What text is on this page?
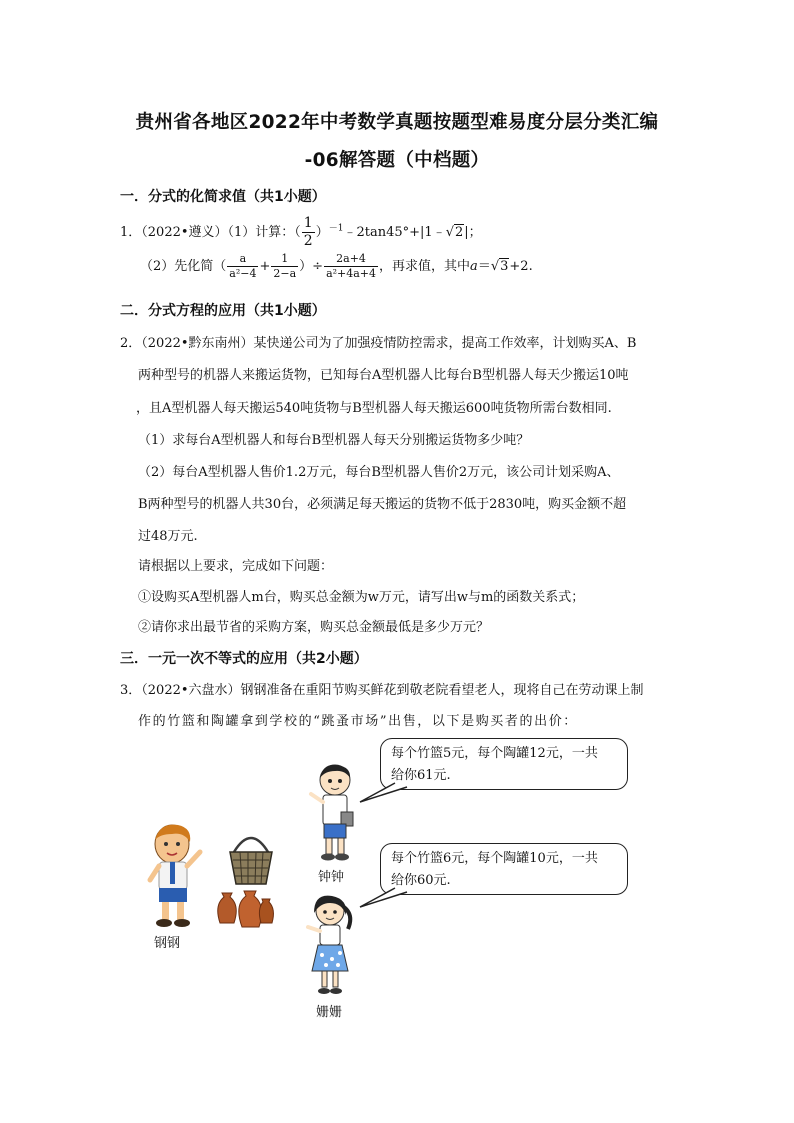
贵州省各地区2022年中考数学真题按题型难易度分层分类汇编
-06解答题（中档题）
一．分式的化简求值（共1小题）
1．（2022•遵义）（1）计算：（ $\frac{1}{2}$ ）$^{-1}$﹣2tan45°+|1﹣√2|；
（2）先化简（ $\frac{a}{\text{a²−4}} + \frac{1}{2-a}$ ）÷ $\frac{2a+4}{\text{a²+4a+4}}$ ，再求值，其中a＝√3+2.
二．分式方程的应用（共1小题）
2．（2022•黔东南州）某快递公司为了加强疫情防控需求，提高工作效率，计划购买A、B
两种型号的机器人来搬运货物，已知每台A型机器人比每台B型机器人每天少搬运10吨
，且A型机器人每天搬运540吨货物与B型机器人每天搬运600吨货物所需台数相同.
（1）求每台A型机器人和每台B型机器人每天分别搬运货物多少吨？
（2）每台A型机器人售价1.2万元，每台B型机器人售价2万元，该公司计划采购A、
B两种型号的机器人共30台，必须满足每天搬运的货物不低于2830吨，购买金额不超
过48万元.
请根据以上要求，完成如下问题：
①设购买A型机器人m台，购买总金额为w万元，请写出w与m的函数关系式；
②请你求出最节省的采购方案，购买总金额最低是多少万元？
三．一元一次不等式的应用（共2小题）
3．（2022•六盘水）钢钢准备在重阳节购买鲜花到敬老院看望老人，现将自己在劳动课上制
作的竹篮和陶罐拿到学校的“跳蚤市场”出售，以下是购买者的出价：
每个竹篮5元，每个陶罐12元，一共
给你61元.
每个竹篮6元，每个陶罐10元，一共
给你60元.
钢钢
钟钟
姗姗
